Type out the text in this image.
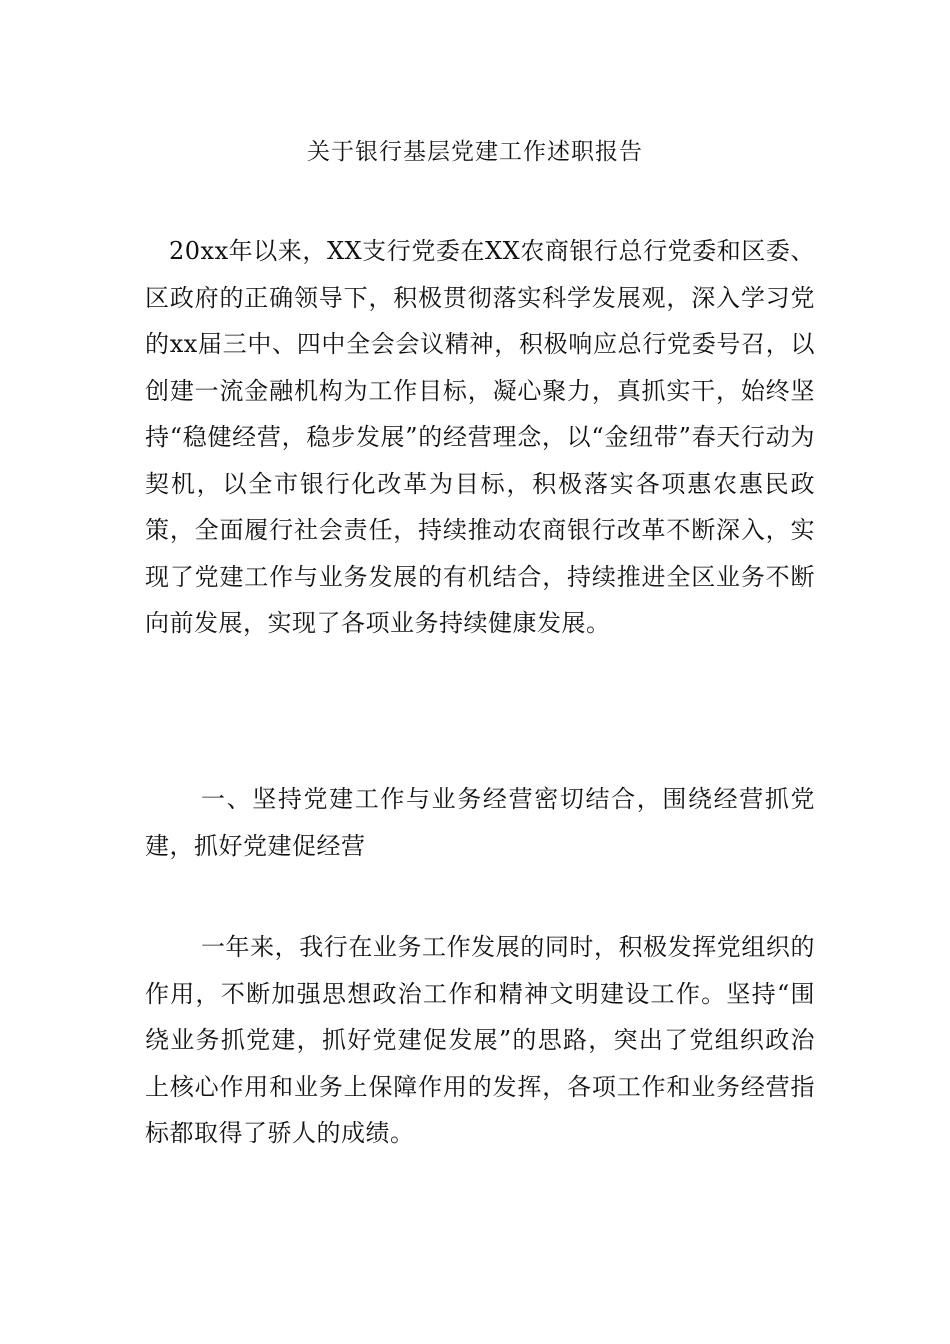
关于银行基层党建工作述职报告

20xx年以来，XX支行党委在XX农商银行总行党委和区委、区政府的正确领导下，积极贯彻落实科学发展观，深入学习党的xx届三中、四中全会会议精神，积极响应总行党委号召，以创建一流金融机构为工作目标，凝心聚力，真抓实干，始终坚持“稳健经营，稳步发展”的经营理念，以“金纽带”春天行动为契机，以全市银行化改革为目标，积极落实各项惠农惠民政策，全面履行社会责任，持续推动农商银行改革不断深入，实现了党建工作与业务发展的有机结合，持续推进全区业务不断向前发展，实现了各项业务持续健康发展。

一、坚持党建工作与业务经营密切结合，围绕经营抓党 建，抓好党建促经营

一年来，我行在业务工作发展的同时，积极发挥党组织的作用，不断加强思想政治工作和精神文明建设工作。坚持“围绕业务抓党建，抓好党建促发展”的思路，突出了党组织政治上核心作用和业务上保障作用的发挥，各项工作和业务经营指标都取得了骄人的成绩。
